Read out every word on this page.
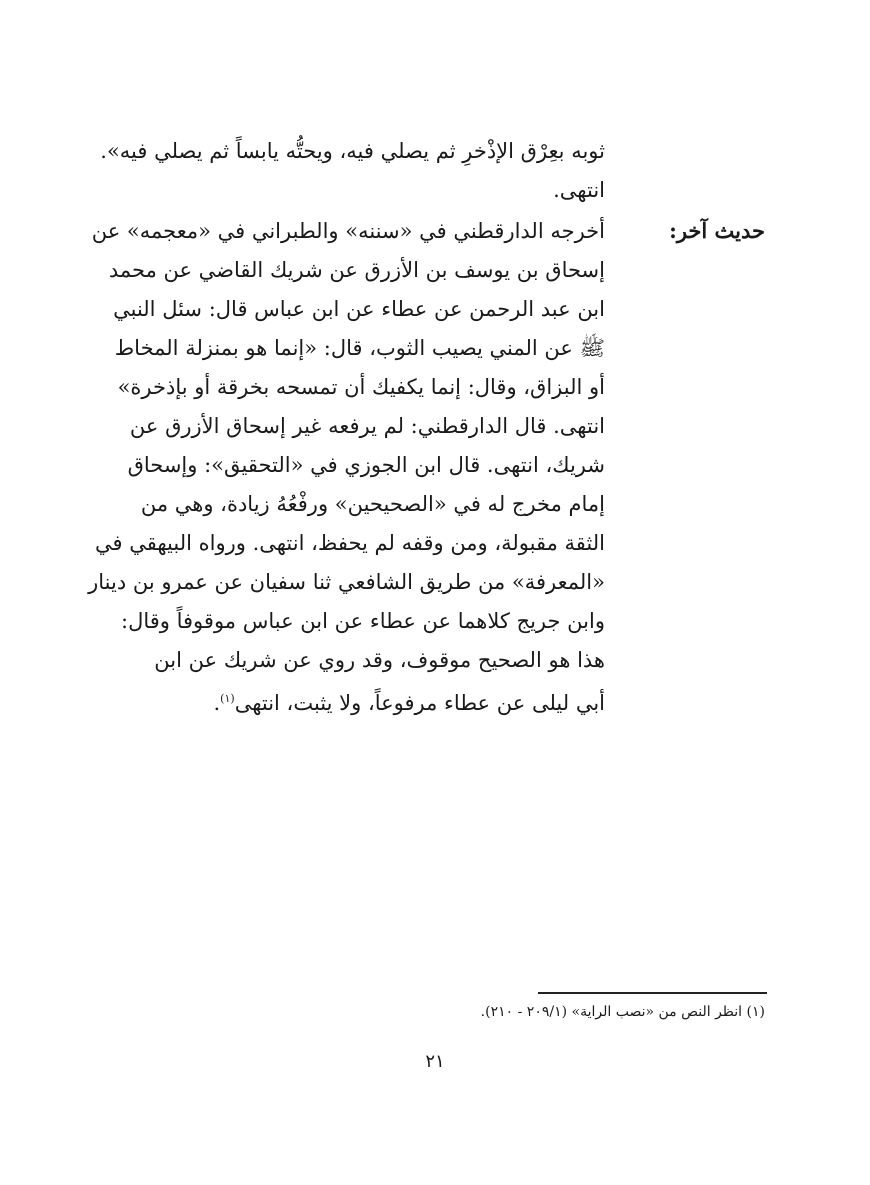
ثوبه بعِرْق الإذْخرِ ثم يصلي فيه، ويحتُّه يابساً ثم يصلي فيه».
انتهى.
حديث آخر:
أخرجه الدارقطني في «سننه» والطبراني في «معجمه» عن
إسحاق بن يوسف بن الأزرق عن شريك القاضي عن محمد
ابن عبد الرحمن عن عطاء عن ابن عباس قال: سئل النبي
ﷺ عن المني يصيب الثوب، قال: «إنما هو بمنزلة المخاط
أو البزاق، وقال: إنما يكفيك أن تمسحه بخرقة أو بإذخرة»
انتهى. قال الدارقطني: لم يرفعه غير إسحاق الأزرق عن
شريك، انتهى. قال ابن الجوزي في «التحقيق»: وإسحاق
إمام مخرج له في «الصحيحين» ورفْعُهُ زيادة، وهي من
الثقة مقبولة، ومن وقفه لم يحفظ، انتهى. ورواه البيهقي في
«المعرفة» من طريق الشافعي ثنا سفيان عن عمرو بن دينار
وابن جريج كلاهما عن عطاء عن ابن عباس موقوفاً وقال:
هذا هو الصحيح موقوف، وقد روي عن شريك عن ابن
أبي ليلى عن عطاء مرفوعاً، ولا يثبت، انتهى$^{(١)}$.
(١) انظر النص من «نصب الراية» (٢٠٩/١ - ٢١٠).
٢١
